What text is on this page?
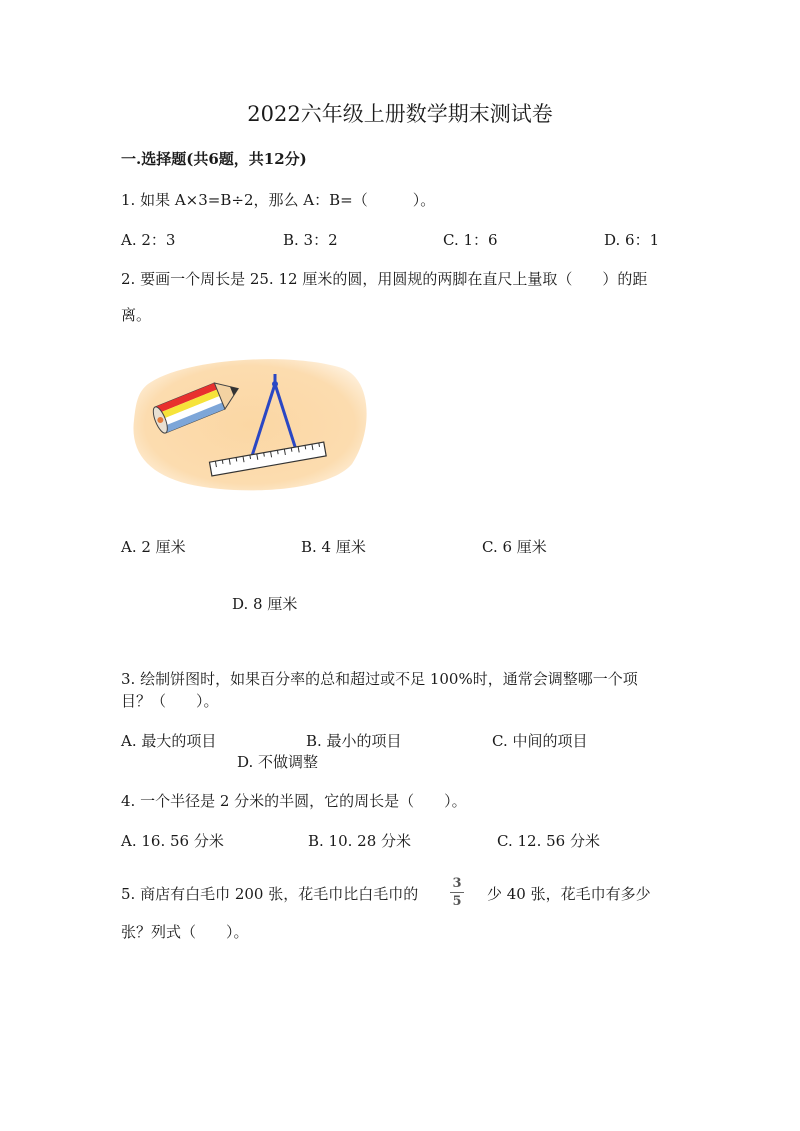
2022六年级上册数学期末测试卷
一.选择题(共6题，共12分)
1. 如果 A×3=B÷2，那么 A：B=（　　　）。
A. 2：3	B. 3：2	C. 1：6	D. 6：1
2. 要画一个周长是 25. 12 厘米的圆，用圆规的两脚在直尺上量取（　　）的距
离。
A. 2 厘米	B. 4 厘米	C. 6 厘米
D. 8 厘米
3. 绘制饼图时，如果百分率的总和超过或不足 100%时，通常会调整哪一个项
目？（　　）。
A. 最大的项目	B. 最小的项目	C. 中间的项目
D. 不做调整
4. 一个半径是 2 分米的半圆，它的周长是（　　）。
A. 16. 56 分米	B. 10. 28 分米	C. 12. 56 分米
5. 商店有白毛巾 200 张，花毛巾比白毛巾的
3
5 少 40 张，花毛巾有多少
张？列式（　　）。
